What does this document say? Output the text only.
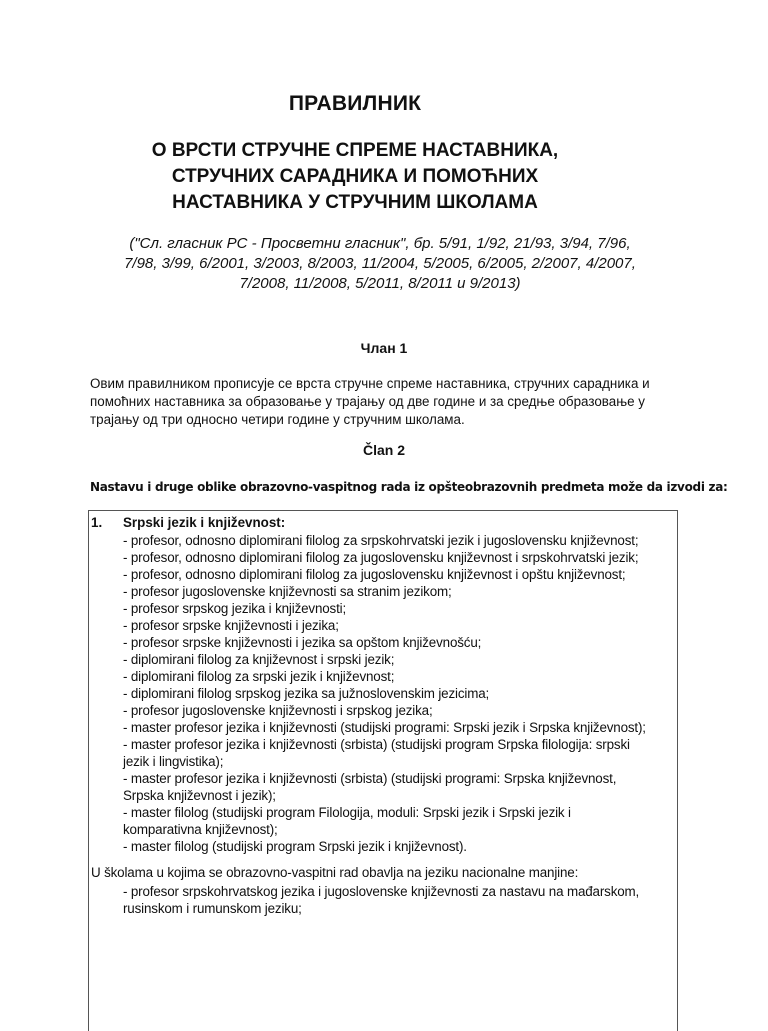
ПРАВИЛНИК
О ВРСТИ СТРУЧНЕ СПРЕМЕ НАСТАВНИКА,
СТРУЧНИХ САРАДНИКА И ПОМОЋНИХ
НАСТАВНИКА У СТРУЧНИМ ШКОЛАМА
("Сл. гласник РС - Просветни гласник", бр. 5/91, 1/92, 21/93, 3/94, 7/96,
7/98, 3/99, 6/2001, 3/2003, 8/2003, 11/2004, 5/2005, 6/2005, 2/2007, 4/2007,
7/2008, 11/2008, 5/2011, 8/2011 и 9/2013)
Члан 1
Овим правилником прописује се врста стручне спреме наставника, стручних сарадника и
помоћних наставника за образовање у трајању од две године и за средње образовање у
трајању од три односно четири године у стручним школама.
Član 2
Nastavu i druge oblike obrazovno-vaspitnog rada iz opšteobrazovnih predmeta može da izvodi za:
1. Srpski jezik i književnost:
- profesor, odnosno diplomirani filolog za srpskohrvatski jezik i jugoslovensku književnost;
- profesor, odnosno diplomirani filolog za jugoslovensku književnost i srpskohrvatski jezik;
- profesor, odnosno diplomirani filolog za jugoslovensku književnost i opštu književnost;
- profesor jugoslovenske književnosti sa stranim jezikom;
- profesor srpskog jezika i književnosti;
- profesor srpske književnosti i jezika;
- profesor srpske književnosti i jezika sa opštom književnošću;
- diplomirani filolog za književnost i srpski jezik;
- diplomirani filolog za srpski jezik i književnost;
- diplomirani filolog srpskog jezika sa južnoslovenskim jezicima;
- profesor jugoslovenske književnosti i srpskog jezika;
- master profesor jezika i književnosti (studijski programi: Srpski jezik i Srpska književnost);
- master profesor jezika i književnosti (srbista) (studijski program Srpska filologija: srpski
jezik i lingvistika);
- master profesor jezika i književnosti (srbista) (studijski programi: Srpska književnost,
Srpska književnost i jezik);
- master filolog (studijski program Filologija, moduli: Srpski jezik i Srpski jezik i
komparativna književnost);
- master filolog (studijski program Srpski jezik i književnost).
U školama u kojima se obrazovno-vaspitni rad obavlja na jeziku nacionalne manjine:
- profesor srpskohrvatskog jezika i jugoslovenske književnosti za nastavu na mađarskom,
rusinskom i rumunskom jeziku;
